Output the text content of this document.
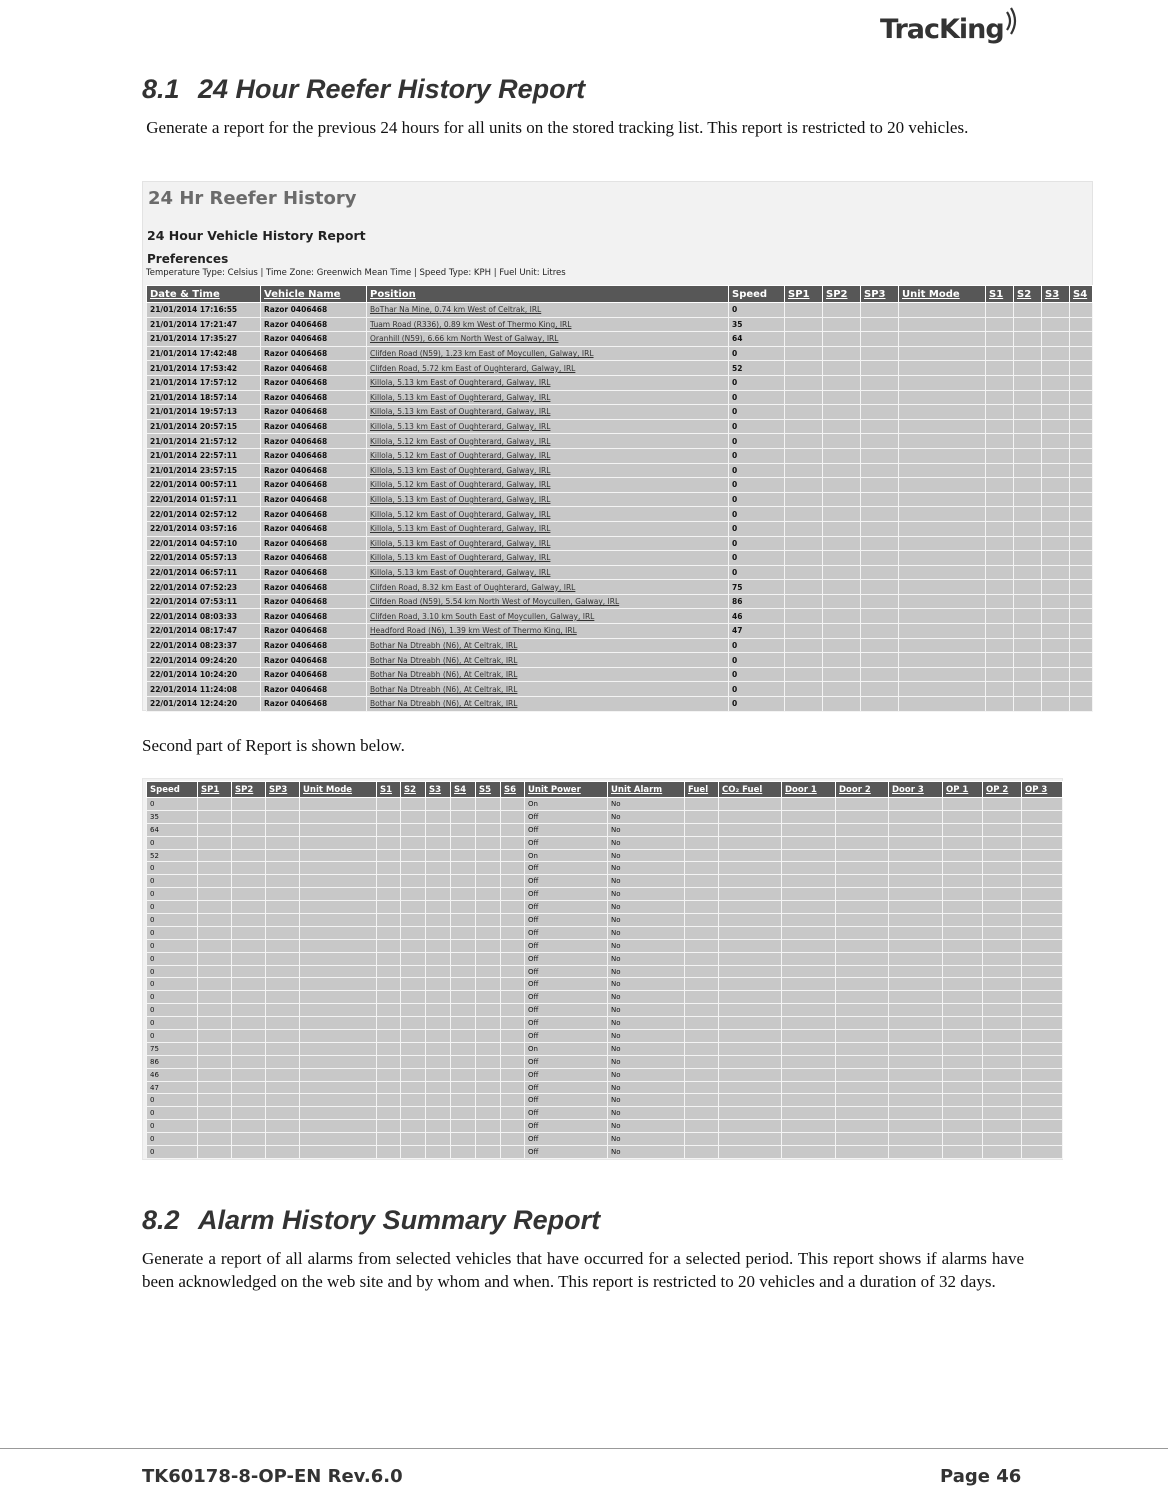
TracKing
8.1 24 Hour Reefer History Report

Generate a report for the previous 24 hours for all units on the stored tracking list. This report is restricted to 20 vehicles.

24 Hr Reefer History

24 Hour Vehicle History Report

Preferences

Temperature Type: Celsius | Time Zone: Greenwich Mean Time | Speed Type: KPH | Fuel Unit: Litres

Date & Time	Vehicle Name	Position	Speed	SP1	SP2	SP3	Unit Mode	S1	S2	S3	S4
21/01/2014 17:16:55	Razor 0406468	BoThar Na Mine, 0.74 km West of Celtrak, IRL	0								
21/01/2014 17:21:47	Razor 0406468	Tuam Road (R336), 0.89 km West of Thermo King, IRL	35								
21/01/2014 17:35:27	Razor 0406468	Oranhill (N59), 6.66 km North West of Galway, IRL	64								
21/01/2014 17:42:48	Razor 0406468	Clifden Road (N59), 1.23 km East of Moycullen, Galway, IRL	0								
21/01/2014 17:53:42	Razor 0406468	Clifden Road, 5.72 km East of Oughterard, Galway, IRL	52								
21/01/2014 17:57:12	Razor 0406468	Killola, 5.13 km East of Oughterard, Galway, IRL	0								
21/01/2014 18:57:14	Razor 0406468	Killola, 5.13 km East of Oughterard, Galway, IRL	0								
21/01/2014 19:57:13	Razor 0406468	Killola, 5.13 km East of Oughterard, Galway, IRL	0								
21/01/2014 20:57:15	Razor 0406468	Killola, 5.13 km East of Oughterard, Galway, IRL	0								
21/01/2014 21:57:12	Razor 0406468	Killola, 5.12 km East of Oughterard, Galway, IRL	0								
21/01/2014 22:57:11	Razor 0406468	Killola, 5.12 km East of Oughterard, Galway, IRL	0								
21/01/2014 23:57:15	Razor 0406468	Killola, 5.13 km East of Oughterard, Galway, IRL	0								
22/01/2014 00:57:11	Razor 0406468	Killola, 5.12 km East of Oughterard, Galway, IRL	0								
22/01/2014 01:57:11	Razor 0406468	Killola, 5.13 km East of Oughterard, Galway, IRL	0								
22/01/2014 02:57:12	Razor 0406468	Killola, 5.12 km East of Oughterard, Galway, IRL	0								
22/01/2014 03:57:16	Razor 0406468	Killola, 5.13 km East of Oughterard, Galway, IRL	0								
22/01/2014 04:57:10	Razor 0406468	Killola, 5.13 km East of Oughterard, Galway, IRL	0								
22/01/2014 05:57:13	Razor 0406468	Killola, 5.13 km East of Oughterard, Galway, IRL	0								
22/01/2014 06:57:11	Razor 0406468	Killola, 5.13 km East of Oughterard, Galway, IRL	0								
22/01/2014 07:52:23	Razor 0406468	Clifden Road, 8.32 km East of Oughterard, Galway, IRL	75								
22/01/2014 07:53:11	Razor 0406468	Clifden Road (N59), 5.54 km North West of Moycullen, Galway, IRL	86								
22/01/2014 08:03:33	Razor 0406468	Clifden Road, 3.10 km South East of Moycullen, Galway, IRL	46								
22/01/2014 08:17:47	Razor 0406468	Headford Road (N6), 1.39 km West of Thermo King, IRL	47								
22/01/2014 08:23:37	Razor 0406468	Bothar Na Dtreabh (N6), At Celtrak, IRL	0								
22/01/2014 09:24:20	Razor 0406468	Bothar Na Dtreabh (N6), At Celtrak, IRL	0								
22/01/2014 10:24:20	Razor 0406468	Bothar Na Dtreabh (N6), At Celtrak, IRL	0								
22/01/2014 11:24:08	Razor 0406468	Bothar Na Dtreabh (N6), At Celtrak, IRL	0								
22/01/2014 12:24:20	Razor 0406468	Bothar Na Dtreabh (N6), At Celtrak, IRL	0								

Second part of Report is shown below.

Speed	SP1	SP2	SP3	Unit Mode	S1	S2	S3	S4	S5	S6	Unit Power	Unit Alarm	Fuel	CO₂ Fuel	Door 1	Door 2	Door 3	OP 1	OP 2	OP 3
0											On	No								
35											Off	No								
64											Off	No								
0											Off	No								
52											On	No								
0											Off	No								
0											Off	No								
0											Off	No								
0											Off	No								
0											Off	No								
0											Off	No								
0											Off	No								
0											Off	No								
0											Off	No								
0											Off	No								
0											Off	No								
0											Off	No								
0											Off	No								
0											Off	No								
75											On	No								
86											Off	No								
46											Off	No								
47											Off	No								
0											Off	No								
0											Off	No								
0											Off	No								
0											Off	No								
0											Off	No								
8.2 Alarm History Summary Report

Generate a report of all alarms from selected vehicles that have occurred for a selected period. This report shows if alarms have been acknowledged on the web site and by whom and when. This report is restricted to 20 vehicles and a duration of 32 days.

TK60178-8-OP-EN Rev.6.0	Page 46
